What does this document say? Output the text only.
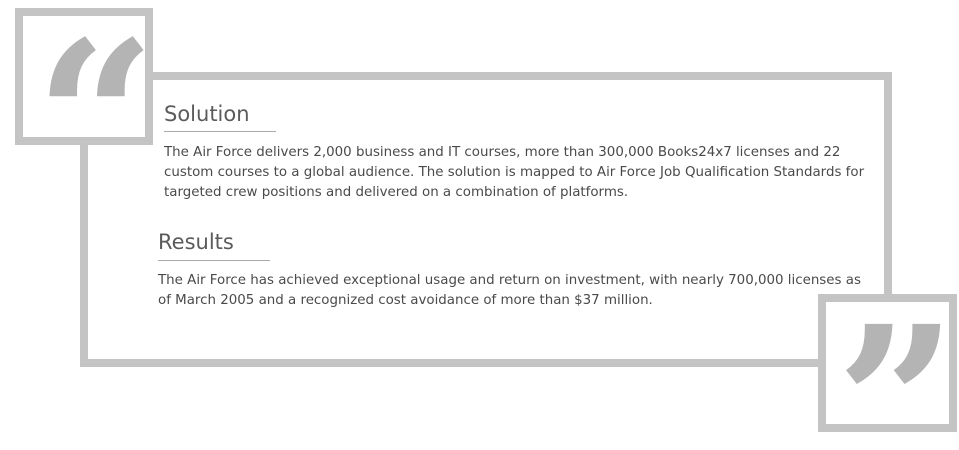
“ Solution

The Air Force delivers 2,000 business and IT courses, more than 300,000 Books24x7 licenses and 22 custom courses to a global audience. The solution is mapped to Air Force Job Qualification Standards for targeted crew positions and delivered on a combination of platforms.

Results

The Air Force has achieved exceptional usage and return on investment, with nearly 700,000 licenses as of March 2005 and a recognized cost avoidance of more than $37 million. ”
